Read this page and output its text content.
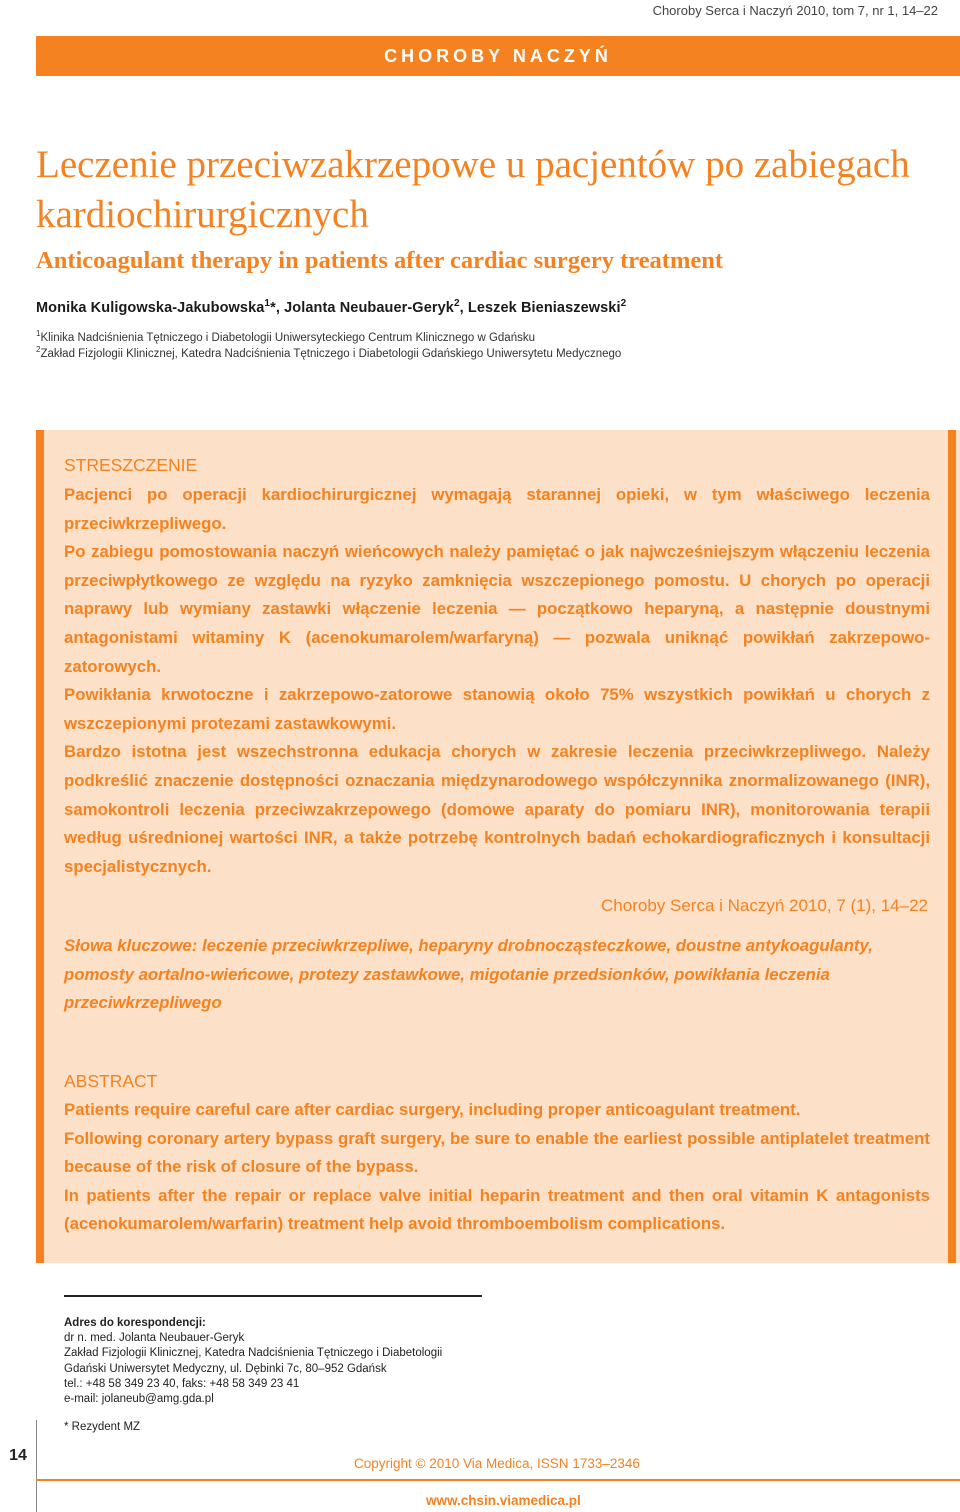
Choroby Serca i Naczyń 2010, tom 7, nr 1, 14–22
CHOROBY NACZYŃ
Leczenie przeciwzakrzepowe u pacjentów po zabiegach kardiochirurgicznych
Anticoagulant therapy in patients after cardiac surgery treatment
Monika Kuligowska-Jakubowska$^1$*, Jolanta Neubauer-Geryk$^2$, Leszek Bieniaszewski$^2$
$^1$Klinika Nadciśnienia Tętniczego i Diabetologii Uniwersyteckiego Centrum Klinicznego w Gdańsku
$^2$Zakład Fizjologii Klinicznej, Katedra Nadciśnienia Tętniczego i Diabetologii Gdańskiego Uniwersytetu Medycznego
STRESZCZENIE

Pacjenci po operacji kardiochirurgicznej wymagają starannej opieki, w tym właściwego leczenia przeciwkrzepliwego.

Po zabiegu pomostowania naczyń wieńcowych należy pamiętać o jak najwcześniejszym włączeniu leczenia przeciwpłytkowego ze względu na ryzyko zamknięcia wszczepionego pomostu. U chorych po operacji naprawy lub wymiany zastawki włączenie leczenia — początkowo heparyną, a następnie doustnymi antagonistami witaminy K (acenokumarolem/warfaryną) — pozwala uniknąć powikłań zakrzepowo-zatorowych.

Powikłania krwotoczne i zakrzepowo-zatorowe stanowią około 75% wszystkich powikłań u chorych z wszczepionymi protezami zastawkowymi.

Bardzo istotna jest wszechstronna edukacja chorych w zakresie leczenia przeciwkrzepliwego. Należy podkreślić znaczenie dostępności oznaczania międzynarodowego współczynnika znormalizowanego (INR), samokontroli leczenia przeciwzakrzepowego (domowe aparaty do pomiaru INR), monitorowania terapii według uśrednionej wartości INR, a także potrzebę kontrolnych badań echokardiograficznych i konsultacji specjalistycznych.

Choroby Serca i Naczyń 2010, 7 (1), 14–22

Słowa kluczowe: leczenie przeciwkrzepliwe, heparyny drobnocząsteczkowe, doustne antykoagulanty, pomosty aortalno-wieńcowe, protezy zastawkowe, migotanie przedsionków, powikłania leczenia przeciwkrzepliwego

ABSTRACT

Patients require careful care after cardiac surgery, including proper anticoagulant treatment.

Following coronary artery bypass graft surgery, be sure to enable the earliest possible antiplatelet treatment because of the risk of closure of the bypass.

In patients after the repair or replace valve initial heparin treatment and then oral vitamin K antagonists (acenokumarolem/warfarin) treatment help avoid thromboembolism complications.

Adres do korespondencji:
dr n. med. Jolanta Neubauer-Geryk
Zakład Fizjologii Klinicznej, Katedra Nadciśnienia Tętniczego i Diabetologii
Gdański Uniwersytet Medyczny, ul. Dębinki 7c, 80–952 Gdańsk
tel.: +48 58 349 23 40, faks: +48 58 349 23 41
e-mail: jolaneub@amg.gda.pl
* Rezydent MZ
14	Copyright © 2010 Via Medica, ISSN 1733–2346
www.chsin.viamedica.pl
